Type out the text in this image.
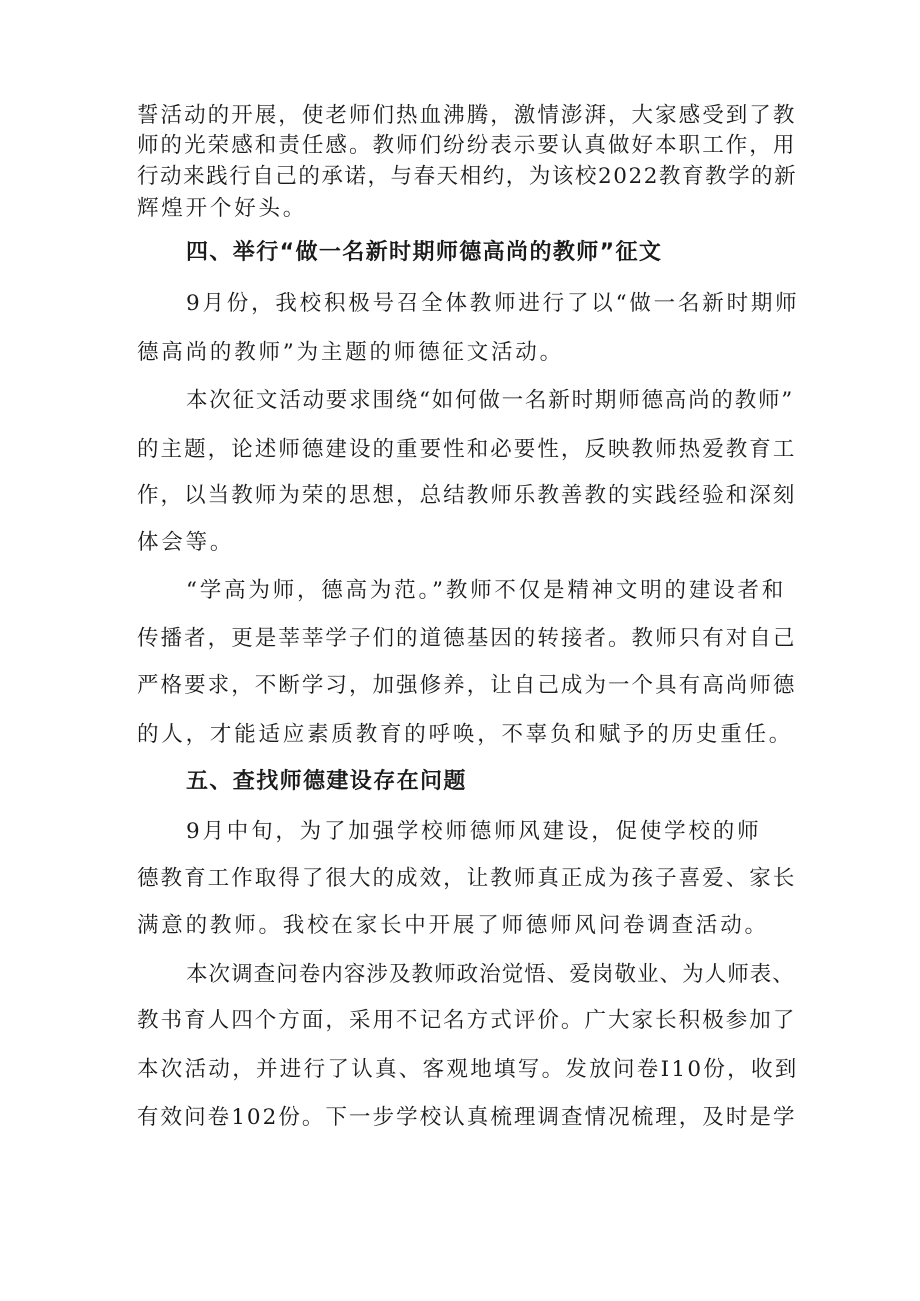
誓活动的开展，使老师们热血沸腾，激情澎湃，大家感受到了教

师的光荣感和责任感。教师们纷纷表示要认真做好本职工作，用

行动来践行自己的承诺，与春天相约，为该校2022教育教学的新

辉煌开个好头。

四、举行“做一名新时期师德高尚的教师”征文

9月份，我校积极号召全体教师进行了以“做一名新时期师

德高尚的教师”为主题的师德征文活动。

本次征文活动要求围绕“如何做一名新时期师德高尚的教师”

的主题，论述师德建设的重要性和必要性，反映教师热爱教育工

作，以当教师为荣的思想，总结教师乐教善教的实践经验和深刻

体会等。

“学高为师，德高为范。”教师不仅是精神文明的建设者和

传播者，更是莘莘学子们的道德基因的转接者。教师只有对自己

严格要求，不断学习，加强修养，让自己成为一个具有高尚师德

的人，才能适应素质教育的呼唤，不辜负和赋予的历史重任。

五、查找师德建设存在问题

9月中旬，为了加强学校师德师风建设，促使学校的师

德教育工作取得了很大的成效，让教师真正成为孩子喜爱、家长

满意的教师。我校在家长中开展了师德师风问卷调查活动。

本次调查问卷内容涉及教师政治觉悟、爱岗敬业、为人师表、

教书育人四个方面，采用不记名方式评价。广大家长积极参加了

本次活动，并进行了认真、客观地填写。发放问卷I10份，收到

有效问卷102份。下一步学校认真梳理调查情况梳理，及时是学
